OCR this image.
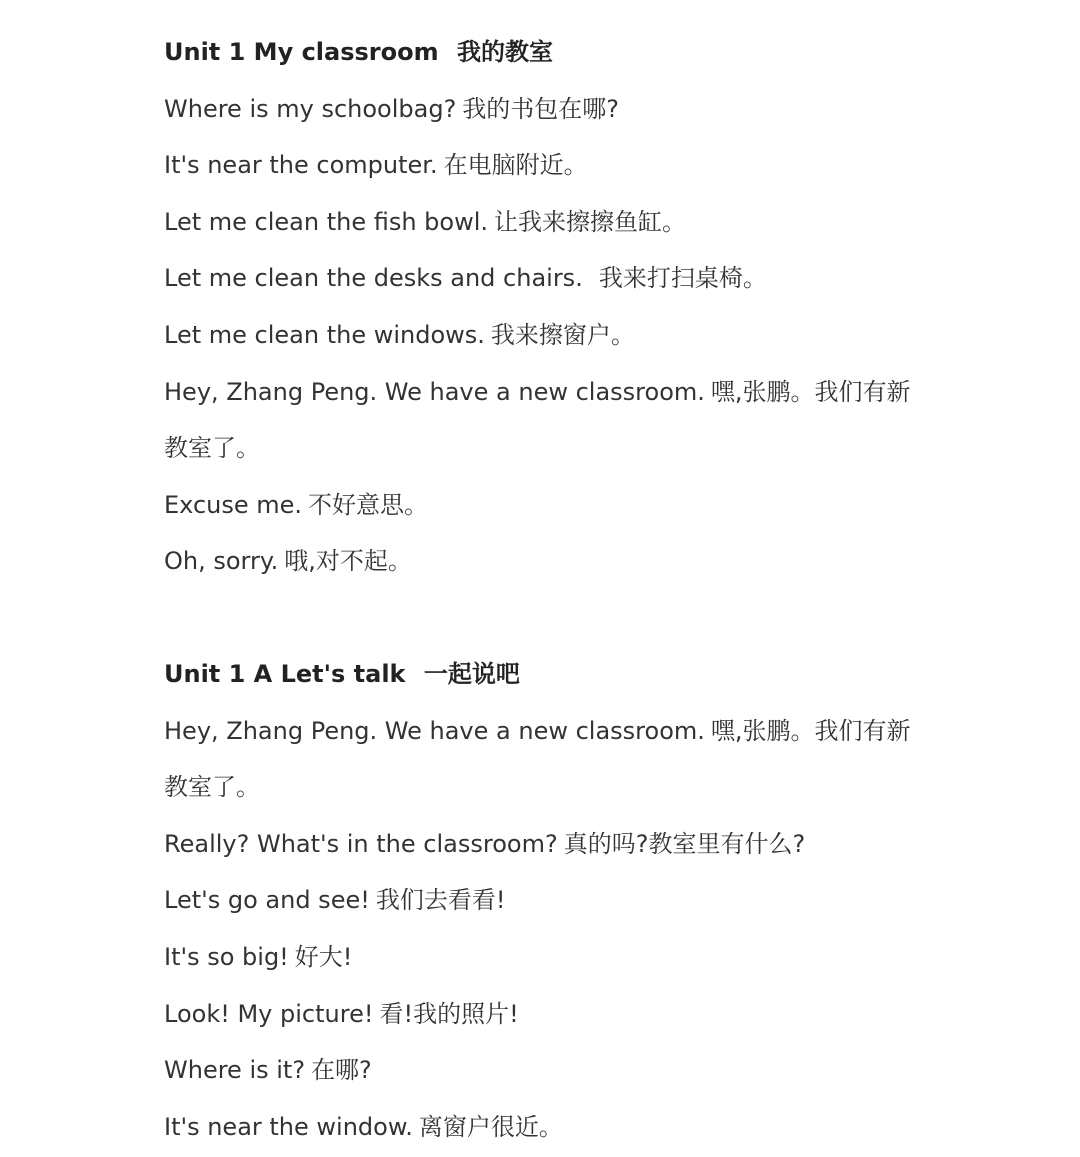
Unit 1 My classroom 我的教室
Where is my schoolbag? 我的书包在哪?
It's near the computer. 在电脑附近。
Let me clean the fish bowl. 让我来擦擦鱼缸。
Let me clean the desks and chairs. 我来打扫桌椅。
Let me clean the windows. 我来擦窗户。
Hey, Zhang Peng. We have a new classroom. 嘿,张鹏。我们有新教室了。
Excuse me. 不好意思。
Oh, sorry. 哦,对不起。
Unit 1 A Let's talk 一起说吧
Hey, Zhang Peng. We have a new classroom. 嘿,张鹏。我们有新教室了。
Really? What's in the classroom? 真的吗?教室里有什么?
Let's go and see! 我们去看看!
It's so big! 好大!
Look! My picture! 看!我的照片!
Where is it? 在哪?
It's near the window. 离窗户很近。
